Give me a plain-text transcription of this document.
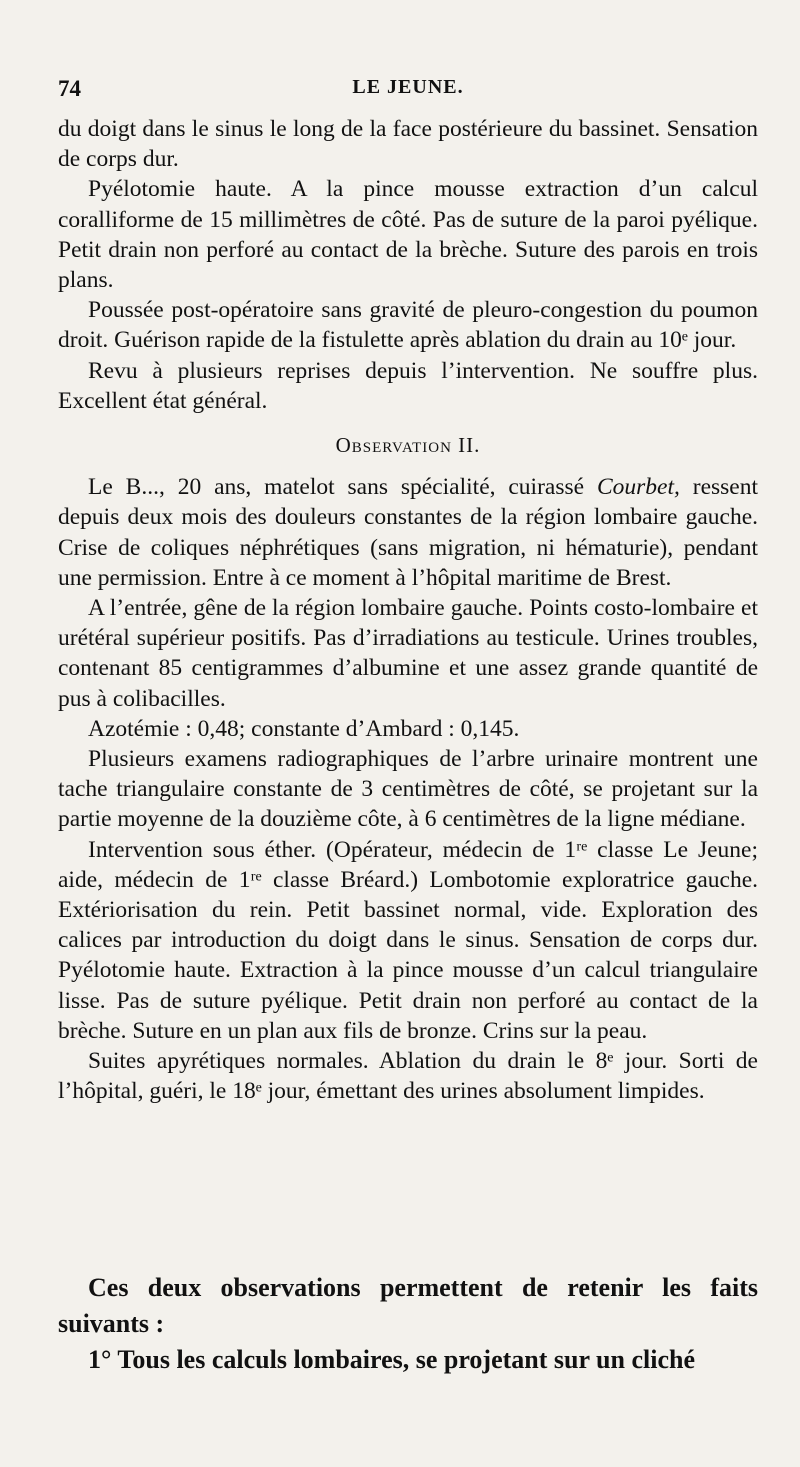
74	LE JEUNE.

du doigt dans le sinus le long de la face postérieure du bassinet. Sensation de corps dur.

Pyélotomie haute. A la pince mousse extraction d’un calcul coralliforme de 15 millimètres de côté. Pas de suture de la paroi pyélique. Petit drain non perforé au contact de la brèche. Suture des parois en trois plans.

Poussée post-opératoire sans gravité de pleuro-congestion du poumon droit. Guérison rapide de la fistulette après ablation du drain au 10ᵉ jour.

Revu à plusieurs reprises depuis l’intervention. Ne souffre plus. Excellent état général.

Observation II.

Le B..., 20 ans, matelot sans spécialité, cuirassé Courbet, ressent depuis deux mois des douleurs constantes de la région lombaire gauche. Crise de coliques néphrétiques (sans migration, ni hématurie), pendant une permission. Entre à ce moment à l’hôpital maritime de Brest.

A l’entrée, gêne de la région lombaire gauche. Points costo-lombaire et urétéral supérieur positifs. Pas d’irradiations au testicule. Urines troubles, contenant 85 centigrammes d’albumine et une assez grande quantité de pus à colibacilles.

Azotémie : 0,48; constante d’Ambard : 0,145.

Plusieurs examens radiographiques de l’arbre urinaire montrent une tache triangulaire constante de 3 centimètres de côté, se projetant sur la partie moyenne de la douzième côte, à 6 centimètres de la ligne médiane.

Intervention sous éther. (Opérateur, médecin de 1ʳᵉ classe Le Jeune; aide, médecin de 1ʳᵉ classe Bréard.) Lombotomie exploratrice gauche. Extériorisation du rein. Petit bassinet normal, vide. Exploration des calices par introduction du doigt dans le sinus. Sensation de corps dur. Pyélotomie haute. Extraction à la pince mousse d’un calcul triangulaire lisse. Pas de suture pyélique. Petit drain non perforé au contact de la brèche. Suture en un plan aux fils de bronze. Crins sur la peau.

Suites apyrétiques normales. Ablation du drain le 8ᵉ jour. Sorti de l’hôpital, guéri, le 18ᵉ jour, émettant des urines absolument limpides.

Ces deux observations permettent de retenir les faits suivants :

1° Tous les calculs lombaires, se projetant sur un cliché
